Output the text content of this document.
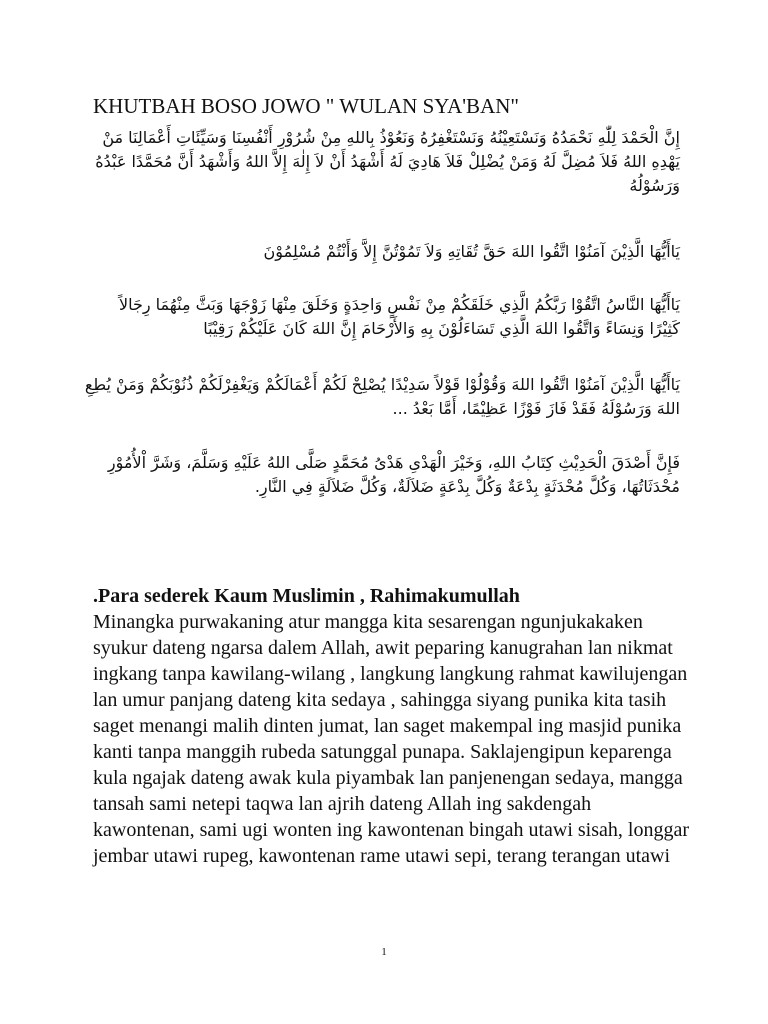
KHUTBAH BOSO JOWO " WULAN SYA'BAN"

إِنَّ الْحَمْدَ لِلّٰهِ نَحْمَدُهُ وَنَسْتَعِيْنُهُ وَنَسْتَغْفِرُهُ وَنَعُوْذُ بِاللهِ مِنْ شُرُوْرِ أَنْفُسِنَا وَسَيِّئَاتِ أَعْمَالِنَا مَنْ يَهْدِهِ اللهُ فَلاَ مُضِلَّ لَهُ وَمَنْ يُضْلِلْ فَلاَ هَادِيَ لَهُ أَشْهَدُ أَنْ لاَ إِلٰهَ إِلاَّ اللهُ وَأَشْهَدُ أَنَّ مُحَمَّدًا عَبْدُهُ وَرَسُوْلُهُ

يَاأَيُّهَا الَّذِيْنَ آمَنُوْا اتَّقُوا اللهَ حَقَّ تُقَاتِهِ وَلاَ تَمُوْتُنَّ إِلاَّ وَأَنْتُمْ مُسْلِمُوْنَ

يَاأَيُّهَا النَّاسُ اتَّقُوْا رَبَّكُمُ الَّذِي خَلَقَكُمْ مِنْ نَفْسٍ وَاحِدَةٍ وَخَلَقَ مِنْهَا زَوْجَهَا وَبَثَّ مِنْهُمَا رِجَالاً كَثِيْرًا وَنِسَاءً وَاتَّقُوا اللهَ الَّذِي تَسَاءَلُوْنَ بِهِ وَالأَرْحَامَ إِنَّ اللهَ كَانَ عَلَيْكُمْ رَقِيْبًا

يَاأَيُّهَا الَّذِيْنَ آمَنُوْا اتَّقُوا اللهَ وَقُوْلُوْا قَوْلاً سَدِيْدًا يُصْلِحْ لَكُمْ أَعْمَالَكُمْ وَيَغْفِرْلَكُمْ ذُنُوْبَكُمْ وَمَنْ يُطِعِ اللهَ وَرَسُوْلَهُ فَقَدْ فَازَ فَوْزًا عَظِيْمًا، أَمَّا بَعْدُ ...

فَإِنَّ أَصْدَقَ الْحَدِيْثِ كِتَابُ اللهِ، وَخَيْرَ الْهَدْىِ هَدْىُ مُحَمَّدٍ صَلَّى اللهُ عَلَيْهِ وَسَلَّمَ، وَشَرَّ اْلأُمُوْرِ مُحْدَثَاتُهَا، وَكُلَّ مُحْدَثَةٍ بِدْعَةٌ وَكُلَّ بِدْعَةٍ ضَلاَلَةٌ، وَكُلَّ ضَلاَلَةٍ فِي النَّارِ.

.Para sederek Kaum Muslimin , Rahimakumullah
Minangka purwakaning atur mangga kita sesarengan ngunjukakaken syukur dateng ngarsa dalem Allah, awit peparing kanugrahan lan nikmat ingkang tanpa kawilang-wilang , langkung langkung rahmat kawilujengan lan umur panjang dateng kita sedaya , sahingga siyang punika kita tasih saget menangi malih dinten jumat, lan saget makempal ing masjid punika kanti tanpa manggih rubeda satunggal punapa. Saklajengipun keparenga kula ngajak dateng awak kula piyambak lan panjenengan sedaya, mangga tansah sami netepi taqwa lan ajrih dateng Allah ing sakdengah kawontenan, sami ugi wonten ing kawontenan bingah utawi sisah, longgar jembar utawi rupeg, kawontenan rame utawi sepi, terang terangan utawi

1
